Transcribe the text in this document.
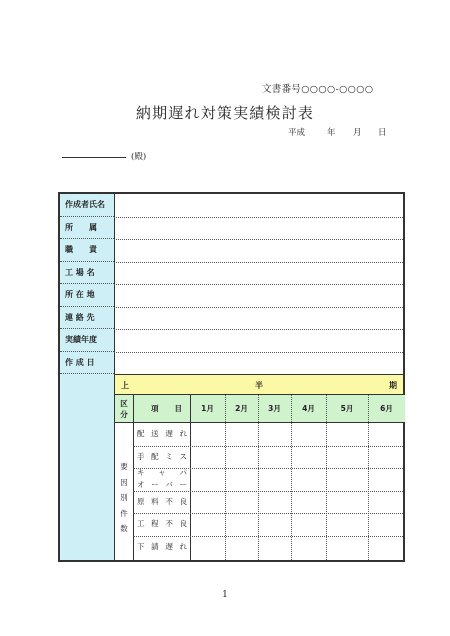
文書番号○○○○-○○○○
納期遅れ対策実績検討表
平成	年 月 日
(殿)
作成者氏名
所　　属
職　　責
工 場 名
所 在 地
連 絡 先
実績年度
作 成 日
上	半	期
区
分
項 目	1月	2月	3月	4月	5月	6月
要
因
別
件
数
配 送 遅 れ
手 配 ミ ス
キ ャ パ
オ ー バ ー
原 料 不 良
工 程 不 良
下 請 遅 れ
1
